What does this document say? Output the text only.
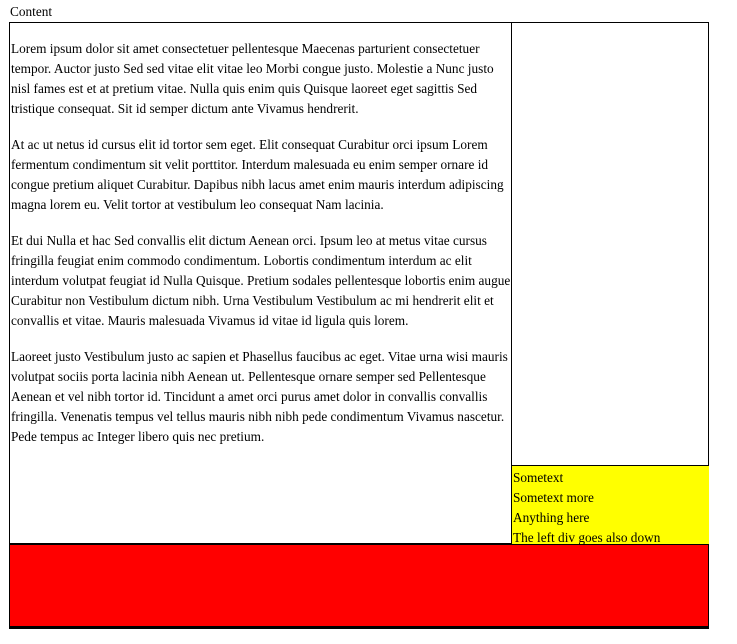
Content

Lorem ipsum dolor sit amet consectetuer pellentesque Maecenas parturient consectetuer tempor. Auctor justo Sed sed vitae elit vitae leo Morbi congue justo. Molestie a Nunc justo nisl fames est et at pretium vitae. Nulla quis enim quis Quisque laoreet eget sagittis Sed tristique consequat. Sit id semper dictum ante Vivamus hendrerit.

At ac ut netus id cursus elit id tortor sem eget. Elit consequat Curabitur orci ipsum Lorem fermentum condimentum sit velit porttitor. Interdum malesuada eu enim semper ornare id congue pretium aliquet Curabitur. Dapibus nibh lacus amet enim mauris interdum adipiscing magna lorem eu. Velit tortor at vestibulum leo consequat Nam lacinia.

Et dui Nulla et hac Sed convallis elit dictum Aenean orci. Ipsum leo at metus vitae cursus fringilla feugiat enim commodo condimentum. Lobortis condimentum interdum ac elit interdum volutpat feugiat id Nulla Quisque. Pretium sodales pellentesque lobortis enim augue Curabitur non Vestibulum dictum nibh. Urna Vestibulum Vestibulum ac mi hendrerit elit et convallis et vitae. Mauris malesuada Vivamus id vitae id ligula quis lorem.

Laoreet justo Vestibulum justo ac sapien et Phasellus faucibus ac eget. Vitae urna wisi mauris volutpat sociis porta lacinia nibh Aenean ut. Pellentesque ornare semper sed Pellentesque Aenean et vel nibh tortor id. Tincidunt a amet orci purus amet dolor in convallis convallis fringilla. Venenatis tempus vel tellus mauris nibh nibh pede condimentum Vivamus nascetur. Pede tempus ac Integer libero quis nec pretium.

Sometext
Sometext more
Anything here
The left div goes also down
